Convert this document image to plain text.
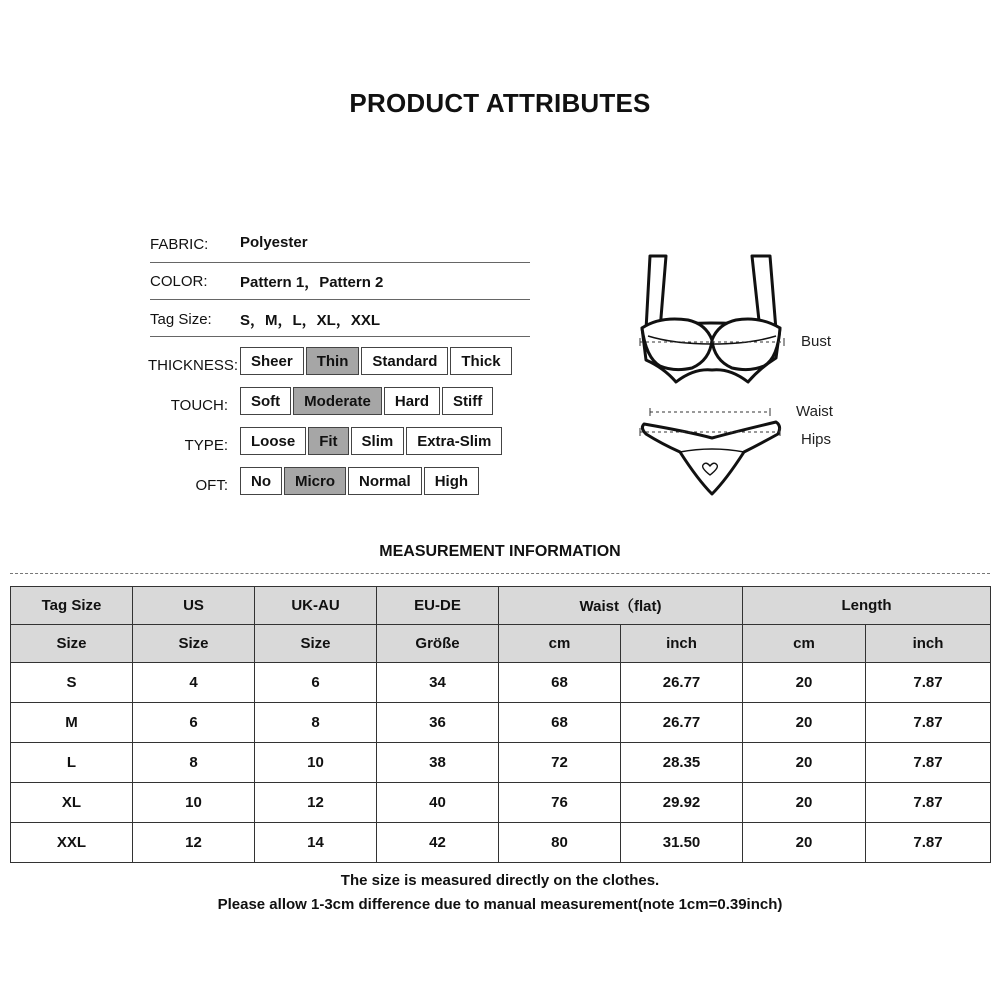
PRODUCT ATTRIBUTES
FABRIC: Polyester
COLOR: Pattern 1，Pattern 2
Tag Size: S，M，L，XL，XXL
THICKNESS: Sheer	Thin	Standard	Thick
TOUCH:	Soft	Moderate	Hard	Stiff
TYPE:	Loose	Fit	Slim	Extra-Slim
OFT:	No	Micro	Normal	High
Bust
Waist
Hips
MEASUREMENT INFORMATION
Tag Size	US	UK-AU	EU-DE	Waist（flat)		Length	
Size	Size	Size	Größe	cm	inch	cm	inch
S	4	6	34	68	26.77	20	7.87
M	6	8	36	68	26.77	20	7.87
L	8	10	38	72	28.35	20	7.87
XL	10	12	40	76	29.92	20	7.87
XXL	12	14	42	80	31.50	20	7.87
The size is measured directly on the clothes.
Please allow 1-3cm difference due to manual measurement(note 1cm=0.39inch)
